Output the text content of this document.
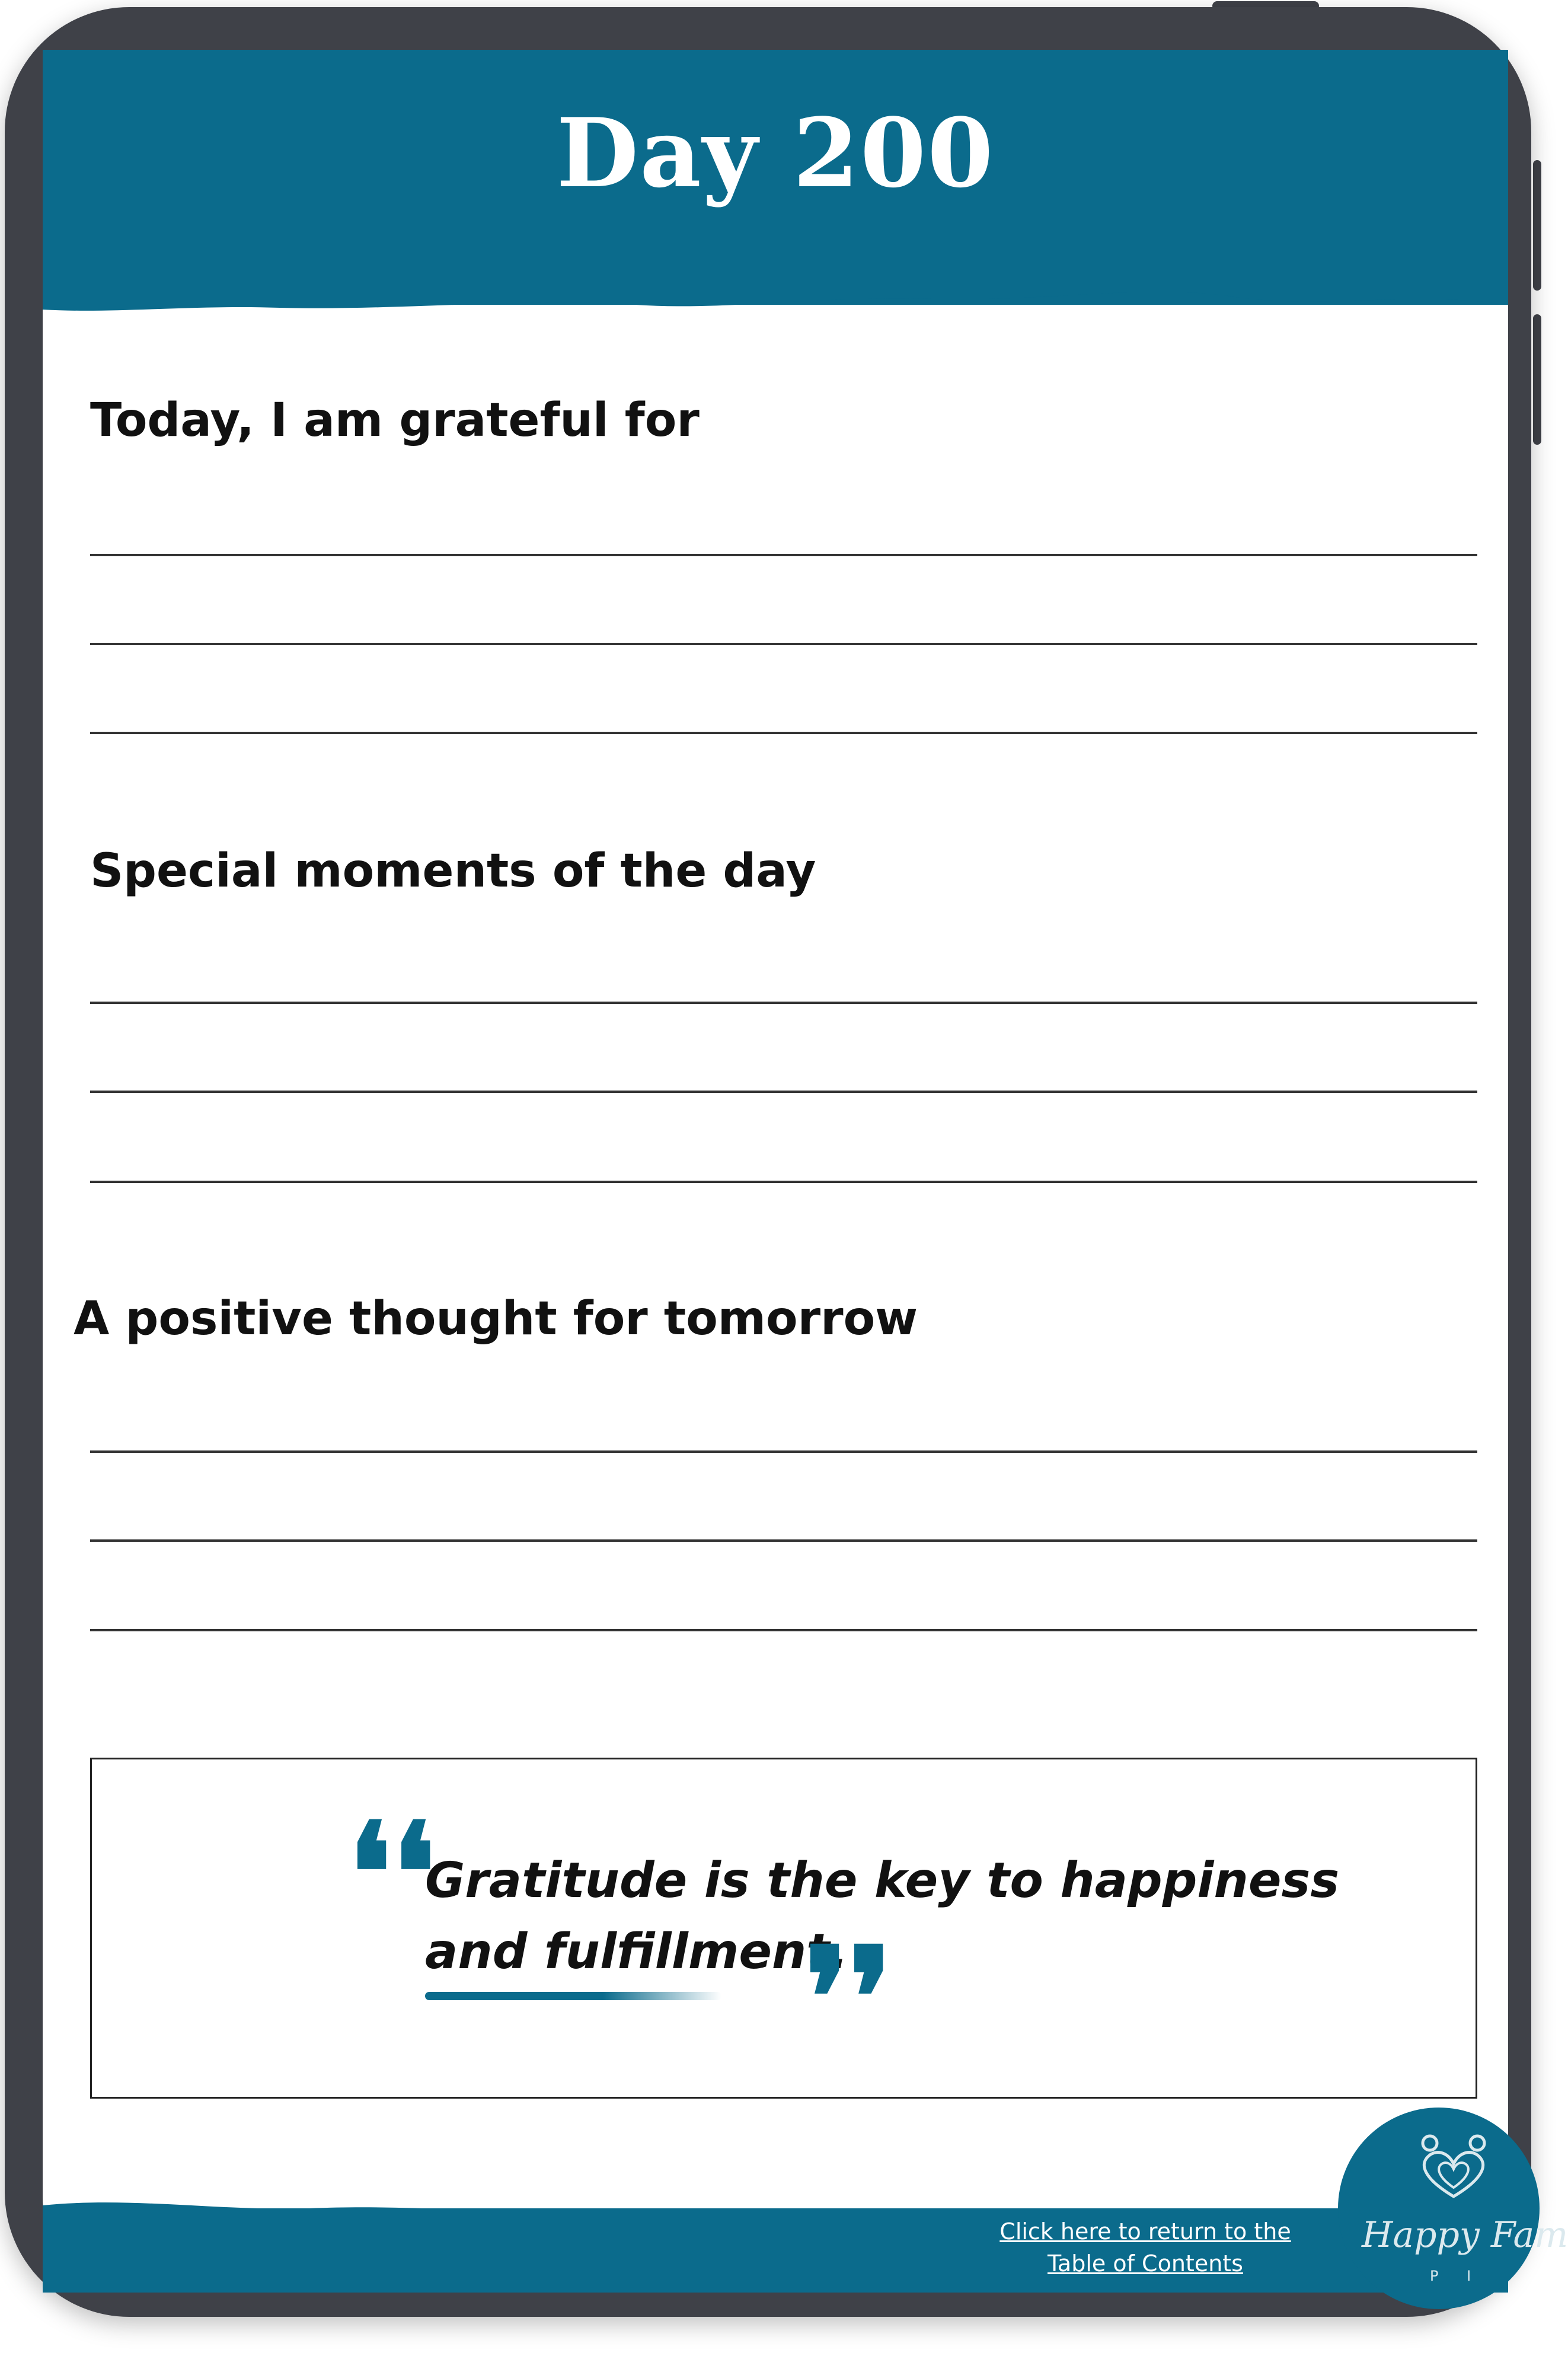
Day 200
Today, I am grateful for
Special moments of the day
A positive thought for tomorrow
❛❛
Gratitude is the key to happiness
and fulfillment.
❜❜
Click here to return to the
Table of Contents
Happy Fam
P I
